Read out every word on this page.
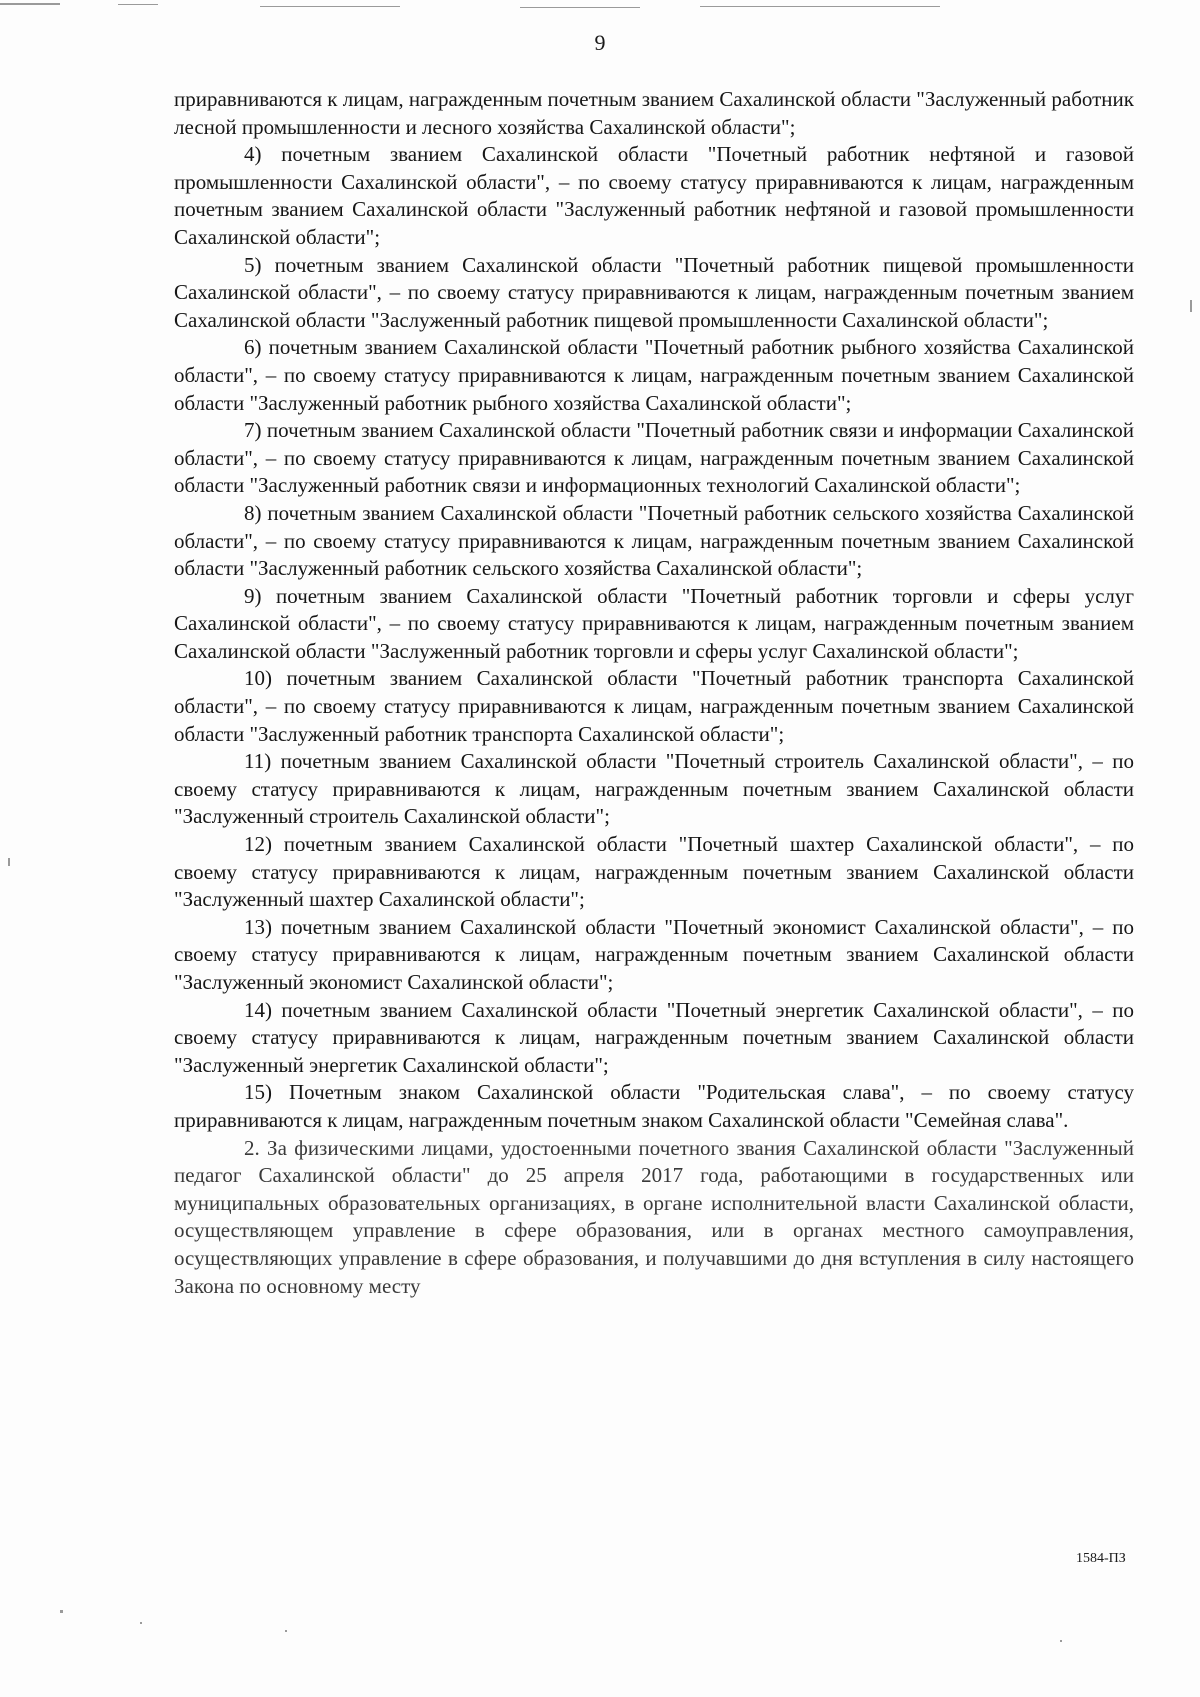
9

приравниваются к лицам, награжденным почетным званием Сахалинской области "Заслуженный работник лесной промышленности и лесного хозяйства Сахалинской области";

4) почетным званием Сахалинской области "Почетный работник нефтяной и газовой промышленности Сахалинской области", – по своему статусу приравниваются к лицам, награжденным почетным званием Сахалинской области "Заслуженный работник нефтяной и газовой промышленности Сахалинской области";

5) почетным званием Сахалинской области "Почетный работник пищевой промышленности Сахалинской области", – по своему статусу приравниваются к лицам, награжденным почетным званием Сахалинской области "Заслуженный работник пищевой промышленности Сахалинской области";

6) почетным званием Сахалинской области "Почетный работник рыбного хозяйства Сахалинской области", – по своему статусу приравниваются к лицам, награжденным почетным званием Сахалинской области "Заслуженный работник рыбного хозяйства Сахалинской области";

7) почетным званием Сахалинской области "Почетный работник связи и информации Сахалинской области", – по своему статусу приравниваются к лицам, награжденным почетным званием Сахалинской области "Заслуженный работник связи и информационных технологий Сахалинской области";

8) почетным званием Сахалинской области "Почетный работник сельского хозяйства Сахалинской области", – по своему статусу приравниваются к лицам, награжденным почетным званием Сахалинской области "Заслуженный работник сельского хозяйства Сахалинской области";

9) почетным званием Сахалинской области "Почетный работник торговли и сферы услуг Сахалинской области", – по своему статусу приравниваются к лицам, награжденным почетным званием Сахалинской области "Заслуженный работник торговли и сферы услуг Сахалинской области";

10) почетным званием Сахалинской области "Почетный работник транспорта Сахалинской области", – по своему статусу приравниваются к лицам, награжденным почетным званием Сахалинской области "Заслуженный работник транспорта Сахалинской области";

11) почетным званием Сахалинской области "Почетный строитель Сахалинской области", – по своему статусу приравниваются к лицам, награжденным почетным званием Сахалинской области "Заслуженный строитель Сахалинской области";

12) почетным званием Сахалинской области "Почетный шахтер Сахалинской области", – по своему статусу приравниваются к лицам, награжденным почетным званием Сахалинской области "Заслуженный шахтер Сахалинской области";

13) почетным званием Сахалинской области "Почетный экономист Сахалинской области", – по своему статусу приравниваются к лицам, награжденным почетным званием Сахалинской области "Заслуженный экономист Сахалинской области";

14) почетным званием Сахалинской области "Почетный энергетик Сахалинской области", – по своему статусу приравниваются к лицам, награжденным почетным званием Сахалинской области "Заслуженный энергетик Сахалинской области";

15) Почетным знаком Сахалинской области "Родительская слава", – по своему статусу приравниваются к лицам, награжденным почетным знаком Сахалинской области "Семейная слава".

2. За физическими лицами, удостоенными почетного звания Сахалинской области "Заслуженный педагог Сахалинской области" до 25 апреля 2017 года, работающими в государственных или муниципальных образовательных организациях, в органе исполнительной власти Сахалинской области, осуществляющем управление в сфере образования, или в органах местного самоуправления, осуществляющих управление в сфере образования, и получавшими до дня вступления в силу настоящего Закона по основному месту

1584-ПЗ
